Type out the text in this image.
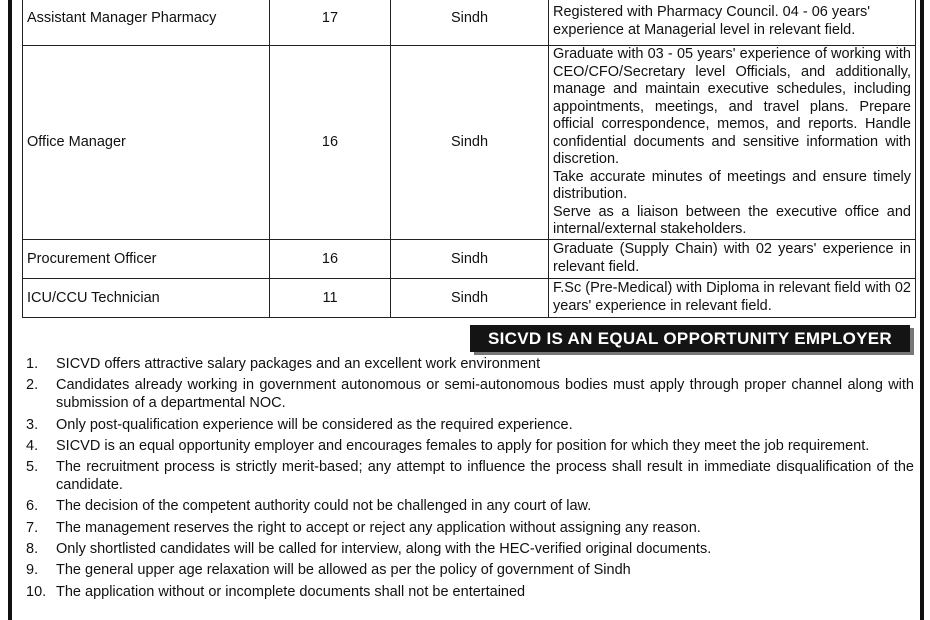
Assistant Manager Pharmacy	17	Sindh	Registered with Pharmacy Council. 04 - 06 years'
experience at Managerial level in relevant field.

Office Manager	16	Sindh	Graduate with 03 - 05 years' experience of working with CEO/CFO/Secretary level Officials, and additionally, manage and maintain executive schedules, including appointments, meetings, and travel plans. Prepare official correspondence, memos, and reports. Handle confidential documents and sensitive information with discretion.
Take accurate minutes of meetings and ensure timely distribution.
Serve as a liaison between the executive office and internal/external stakeholders.

Procurement Officer	16	Sindh	Graduate (Supply Chain) with 02 years' experience in relevant field.
ICU/CCU Technician	11	Sindh	F.Sc (Pre-Medical) with Diploma in relevant field with 02 years' experience in relevant field.
SICVD IS AN EQUAL OPPORTUNITY EMPLOYER
1. SICVD offers attractive salary packages and an excellent work environment
2. Candidates already working in government autonomous or semi-autonomous bodies must apply through proper channel along with submission of a departmental NOC.
3. Only post-qualification experience will be considered as the required experience.
4. SICVD is an equal opportunity employer and encourages females to apply for position for which they meet the job requirement.
5. The recruitment process is strictly merit-based; any attempt to influence the process shall result in immediate disqualification of the candidate.
6. The decision of the competent authority could not be challenged in any court of law.
7. The management reserves the right to accept or reject any application without assigning any reason.
8. Only shortlisted candidates will be called for interview, along with the HEC-verified original documents.
9. The general upper age relaxation will be allowed as per the policy of government of Sindh
10. The application without or incomplete documents shall not be entertained
